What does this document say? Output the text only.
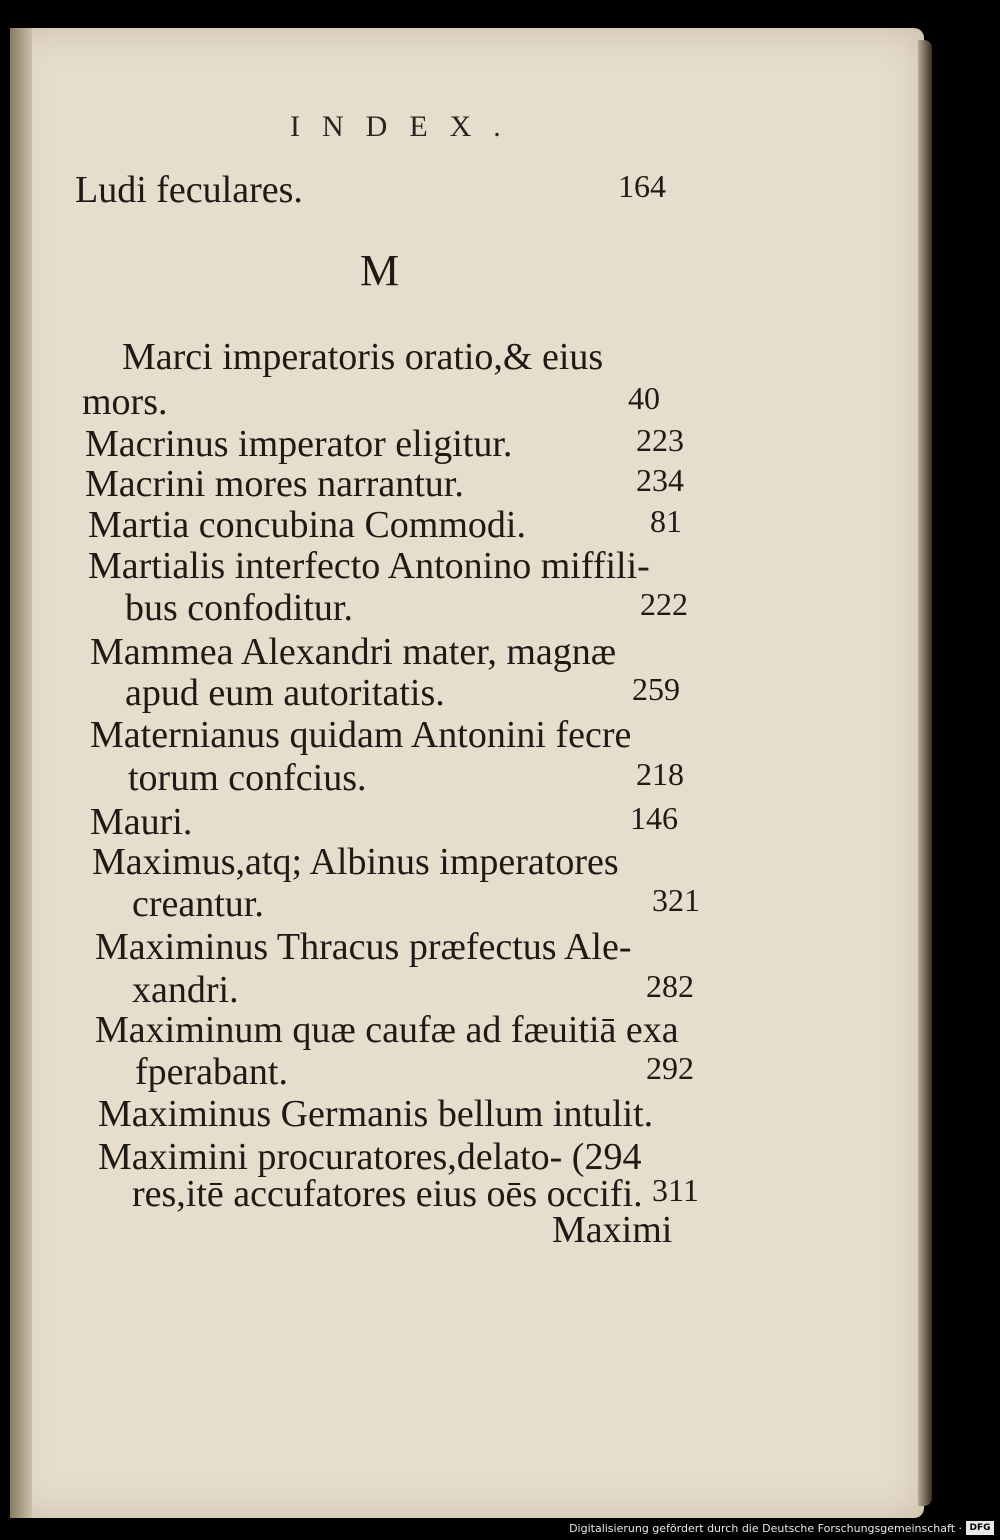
INDEX.
Ludi feculares.	164
M
Marci imperatoris oratio,& eius
mors.	40
Macrinus imperator eligitur.	223
Macrini mores narrantur.	234
Martia concubina Commodi.	81
Martialis interfecto Antonino miffili-
bus confoditur.	222
Mammea Alexandri mater, magnæ
apud eum autoritatis.	259
Maternianus quidam Antonini fecre
torum confcius.	218
Mauri.	146
Maximus,atq; Albinus imperatores
creantur.	321
Maximinus Thracus præfectus Ale-
xandri.	282
Maximinum quæ caufæ ad fæuitiā exa
fperabant.	292
Maximinus Germanis bellum intulit.
Maximini procuratores,delato- (294
res,itē accufatores eius oēs occifi. 311
Maximi
Digitalisierung gefördert durch die Deutsche Forschungsgemeinschaft · DFG
